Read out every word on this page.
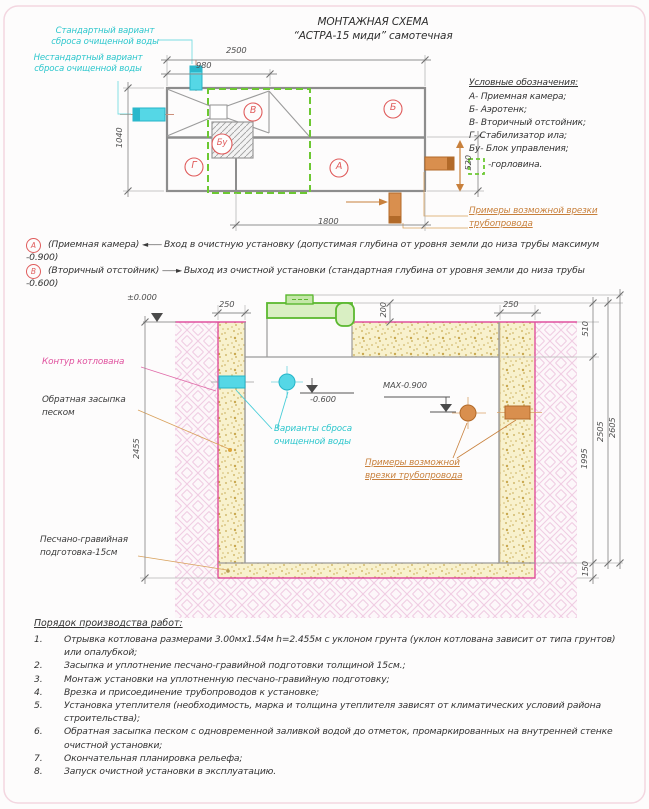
МОНТАЖНАЯ СХЕМА
“АСТРА-15 миди” самотечная
Стандартный вариант
сброса очищенной воды
Нестандартный вариант
сброса очищенной воды
2500
980
1040
1800
520
В	Б
Г	А
Бу
Условные обозначения:
А- Приемная камера;
Б- Аэротенк;
В- Вторичный отстойник;
Г- Стабилизатор ила;
Бу- Блок управления;
-горловина.
Примеры возможной врезки
трубопровода
А	(Приемная камера) ◄—— Вход в очистную установку (допустимая глубина от уровня земли до низа трубы максимум -0.900)
В	(Вторичный отстойник) ——► Выход из очистной установки (стандартная глубина от уровня земли до низа трубы -0.600)
±0.000
250	250
200
510
1995
150
2505 2605
2455
-0.600
МАХ-0.900
Контур котлована
Обратная засыпка
песком
Песчано-гравийная
подготовка-15см
Варианты сброса
очищенной воды
Примеры возможной
врезки трубопровода
Порядок производства работ:
1.	Отрывка котлована размерами 3.00мх1.54м h=2.455м с уклоном грунта (уклон котлована зависит от типа грунтов) или опалубкой;
2.	Засыпка и уплотнение песчано-гравийной подготовки толщиной 15см.;
3.	Монтаж установки на уплотненную песчано-гравийную подготовку;
4.	Врезка и присоединение трубопроводов к установке;
5.	Установка утеплителя (необходимость, марка и толщина утеплителя зависят от климатических условий района строительства);
6.	Обратная засыпка песком с одновременной заливкой водой до отметок, промаркированных на внутренней стенке очистной установки;
7.	Окончательная планировка рельефа;
8.	Запуск очистной установки в эксплуатацию.
